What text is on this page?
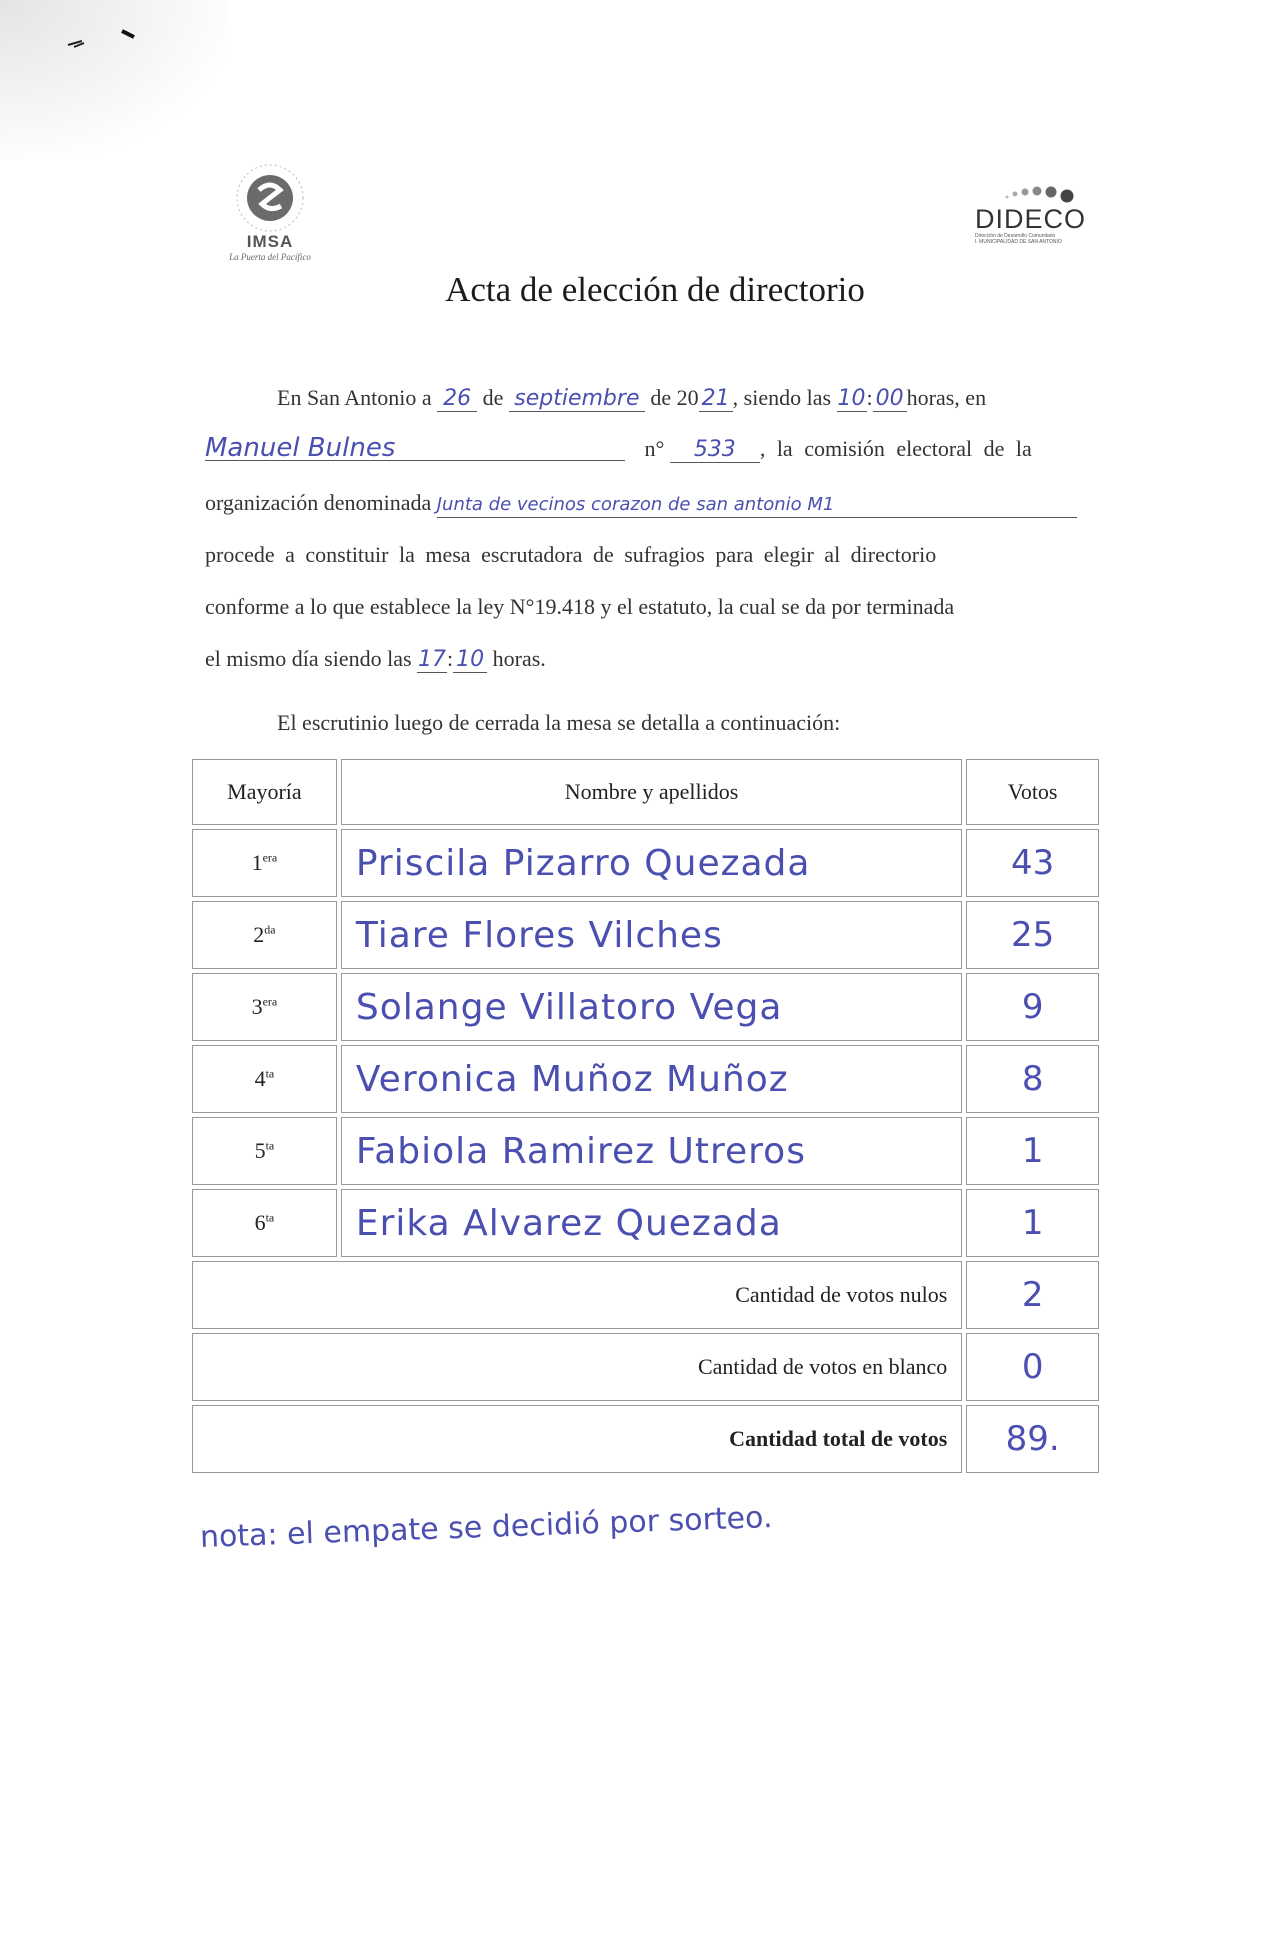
IMSA
La Puerta del Pacífico
DIDECO
Dirección de Desarrollo Comunitario
I. MUNICIPALIDAD DE SAN ANTONIO
Acta de elección de directorio
En San Antonio a 26 de septiembre de 20 21 , siendo las 10: 00 horas, en
Manuel Bulnes	n° 533 , la comisión electoral de la
organización denominada Junta de vecinos corazon de san antonio M1
procede a constituir la mesa escrutadora de sufragios para elegir al directorio
conforme a lo que establece la ley N°19.418 y el estatuto, la cual se da por terminada
el mismo día siendo las 17: 10 horas.
El escrutinio luego de cerrada la mesa se detalla a continuación:
Mayoría	Nombre y apellidos	Votos
$1^{era}$	Priscila Pizarro Quezada	43
$2^{da}$	Tiare Flores Vilches	25
$3^{era}$	Solange Villatoro Vega	9
$4^{ta}$	Veronica Muñoz Muñoz	8
$5^{ta}$	Fabiola Ramirez Utreros	1
$6^{ta}$	Erika Alvarez Quezada	1
Cantidad de votos nulos		2
Cantidad de votos en blanco		0
Cantidad total de votos		89.
nota: el empate se decidió por sorteo.
